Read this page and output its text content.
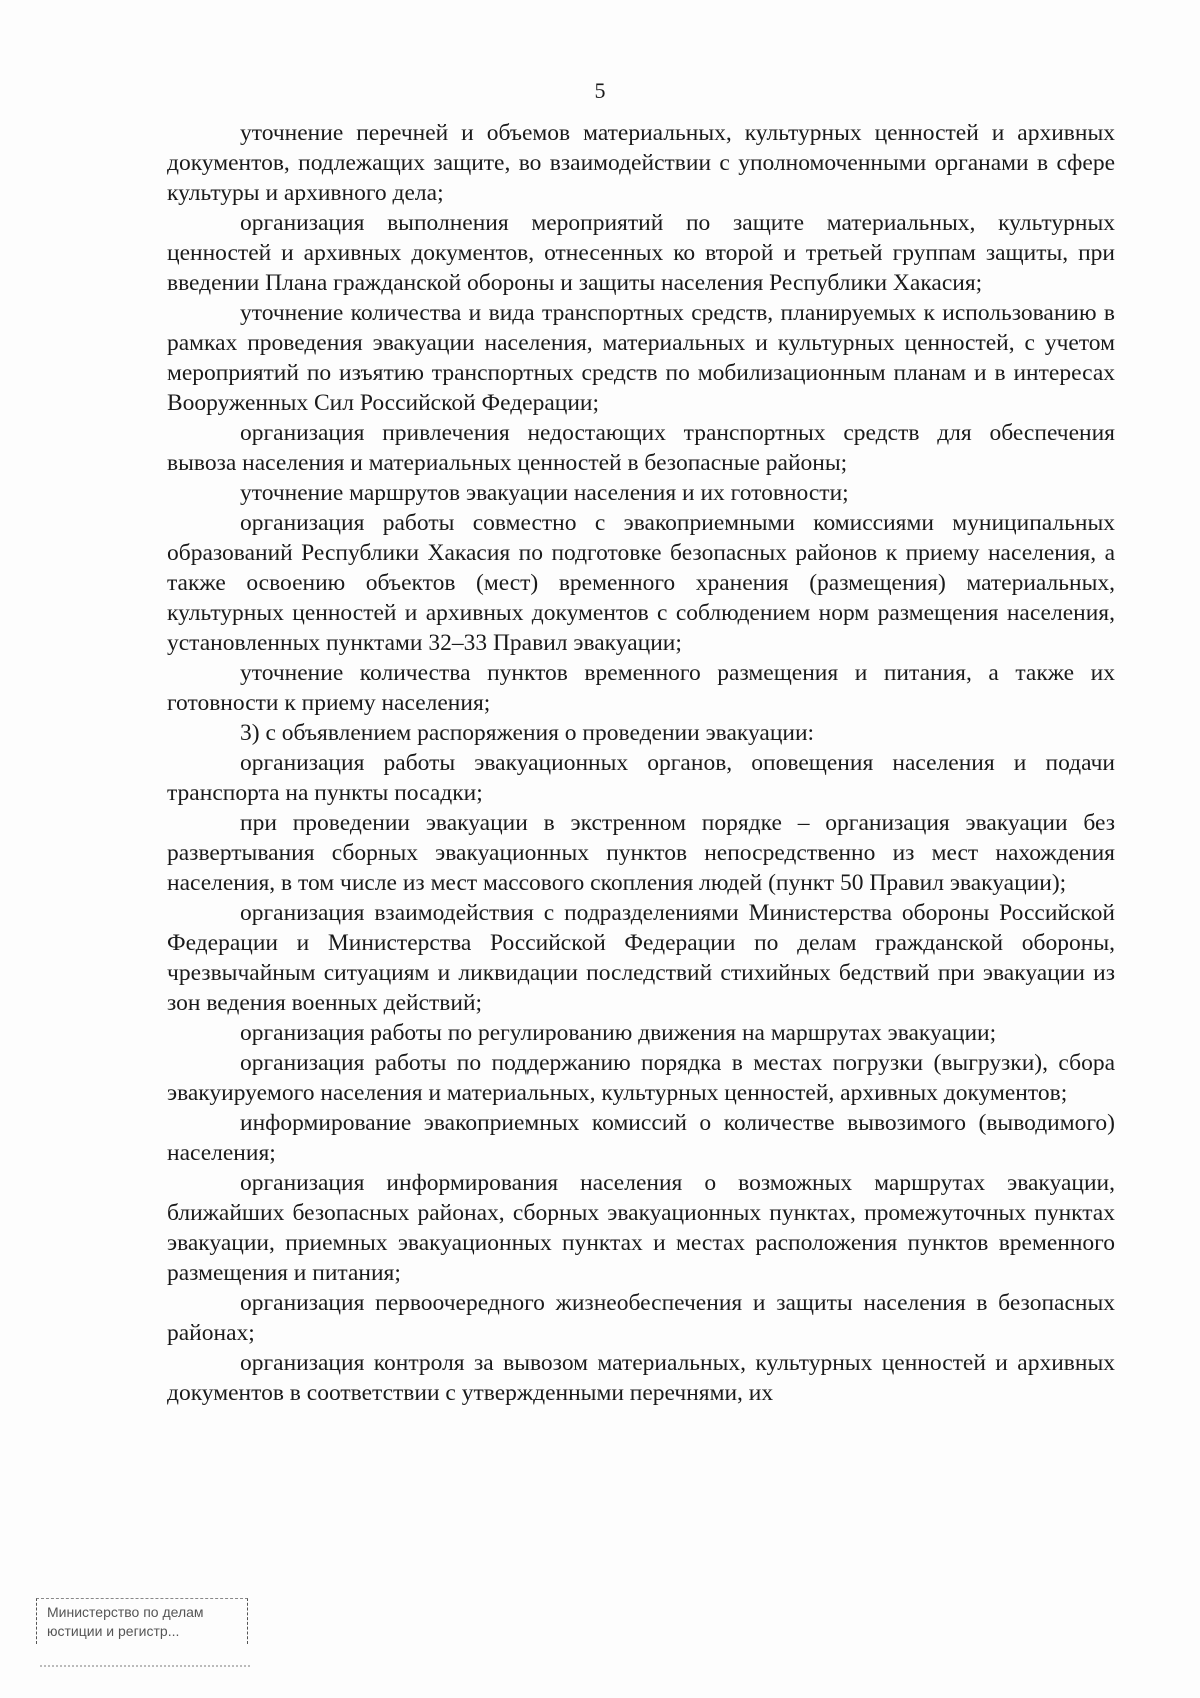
5

уточнение перечней и объемов материальных, культурных ценностей и архивных документов, подлежащих защите, во взаимодействии с уполномоченными органами в сфере культуры и архивного дела;

организация выполнения мероприятий по защите материальных, культурных ценностей и архивных документов, отнесенных ко второй и третьей группам защиты, при введении Плана гражданской обороны и защиты населения Республики Хакасия;

уточнение количества и вида транспортных средств, планируемых к использованию в рамках проведения эвакуации населения, материальных и культурных ценностей, с учетом мероприятий по изъятию транспортных средств по мобилизационным планам и в интересах Вооруженных Сил Российской Федерации;

организация привлечения недостающих транспортных средств для обеспечения вывоза населения и материальных ценностей в безопасные районы;

уточнение маршрутов эвакуации населения и их готовности;

организация работы совместно с эвакоприемными комиссиями муниципальных образований Республики Хакасия по подготовке безопасных районов к приему населения, а также освоению объектов (мест) временного хранения (размещения) материальных, культурных ценностей и архивных документов с соблюдением норм размещения населения, установленных пунктами 32–33 Правил эвакуации;

уточнение количества пунктов временного размещения и питания, а также их готовности к приему населения;

3) с объявлением распоряжения о проведении эвакуации:

организация работы эвакуационных органов, оповещения населения и подачи транспорта на пункты посадки;

при проведении эвакуации в экстренном порядке – организация эвакуации без развертывания сборных эвакуационных пунктов непосредственно из мест нахождения населения, в том числе из мест массового скопления людей (пункт 50 Правил эвакуации);

организация взаимодействия с подразделениями Министерства обороны Российской Федерации и Министерства Российской Федерации по делам гражданской обороны, чрезвычайным ситуациям и ликвидации последствий стихийных бедствий при эвакуации из зон ведения военных действий;

организация работы по регулированию движения на маршрутах эвакуации;

организация работы по поддержанию порядка в местах погрузки (выгрузки), сбора эвакуируемого населения и материальных, культурных ценностей, архивных документов;

информирование эвакоприемных комиссий о количестве вывозимого (выводимого) населения;

организация информирования населения о возможных маршрутах эвакуации, ближайших безопасных районах, сборных эвакуационных пунктах, промежуточных пунктах эвакуации, приемных эвакуационных пунктах и местах расположения пунктов временного размещения и питания;

организация первоочередного жизнеобеспечения и защиты населения в безопасных районах;

организация контроля за вывозом материальных, культурных ценностей и архивных документов в соответствии с утвержденными перечнями, их

Министерство по делам
юстиции и регистр...
